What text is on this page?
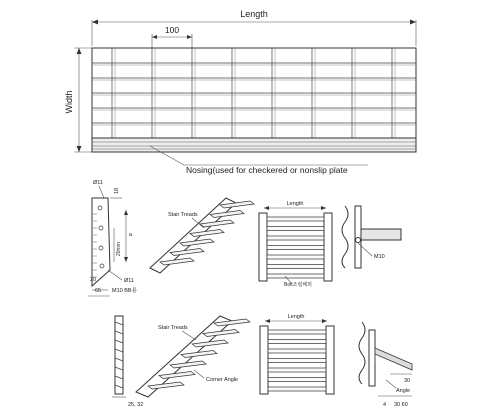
Length
100
Width
Nosing(used for checkered or nonslip plate
Ø11
18
a
20mm
Ø11
20
65 M10 BB용
Stair Treads
Length
Bolt조립해외
M10
25, 32
Stair Treads
Corner Angle
Length
30
Angle
4 30 60
